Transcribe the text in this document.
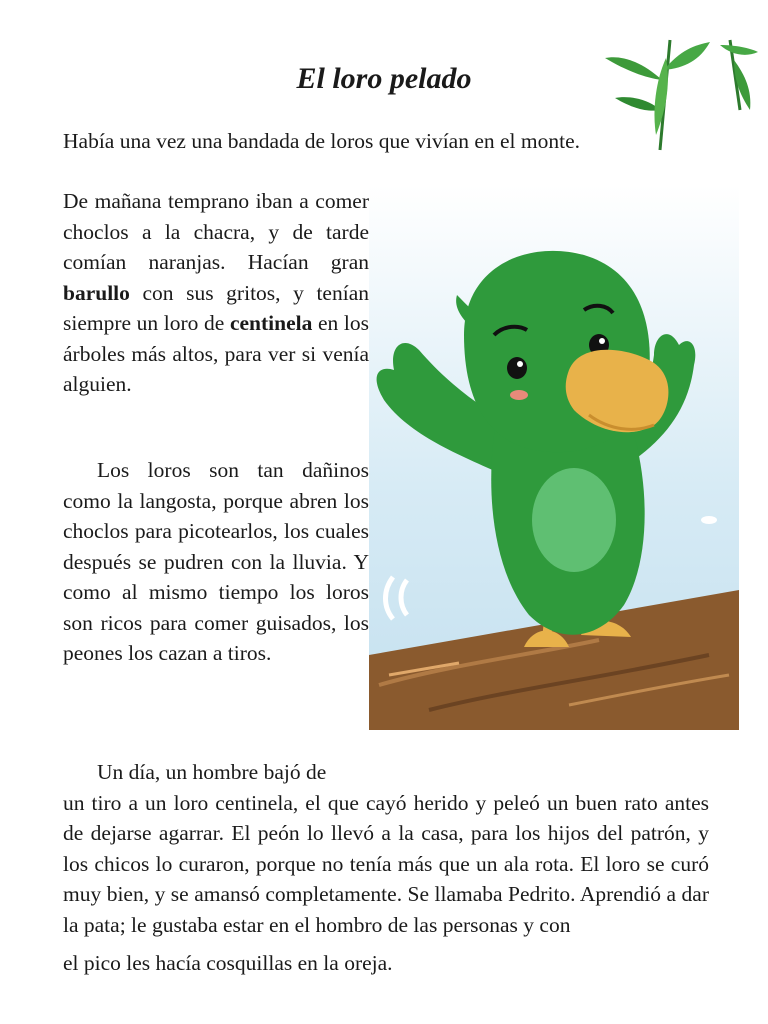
El loro pelado

Había una vez una bandada de loros que vivían en el monte.

De mañana temprano iban a comer choclos a la chacra, y de tarde comían naranjas. Hacían gran barullo con sus gritos, y tenían siempre un loro de centinela en los árboles más altos, para ver si venía alguien.

Los loros son tan dañinos como la langosta, porque abren los choclos para picotearlos, los cuales después se pudren con la lluvia. Y como al mismo tiempo los loros son ricos para comer guisados, los peones los cazan a tiros.

Un día, un hombre bajó de
un tiro a un loro centinela, el que cayó herido y peleó un buen rato antes de dejarse agarrar. El peón lo llevó a la casa, para los hijos del patrón, y los chicos lo curaron, porque no tenía más que un ala rota. El loro se curó muy bien, y se amansó completamente. Se llamaba Pedrito. Aprendió a dar la pata; le gustaba estar en el hombro de las personas y con

el pico les hacía cosquillas en la oreja.
